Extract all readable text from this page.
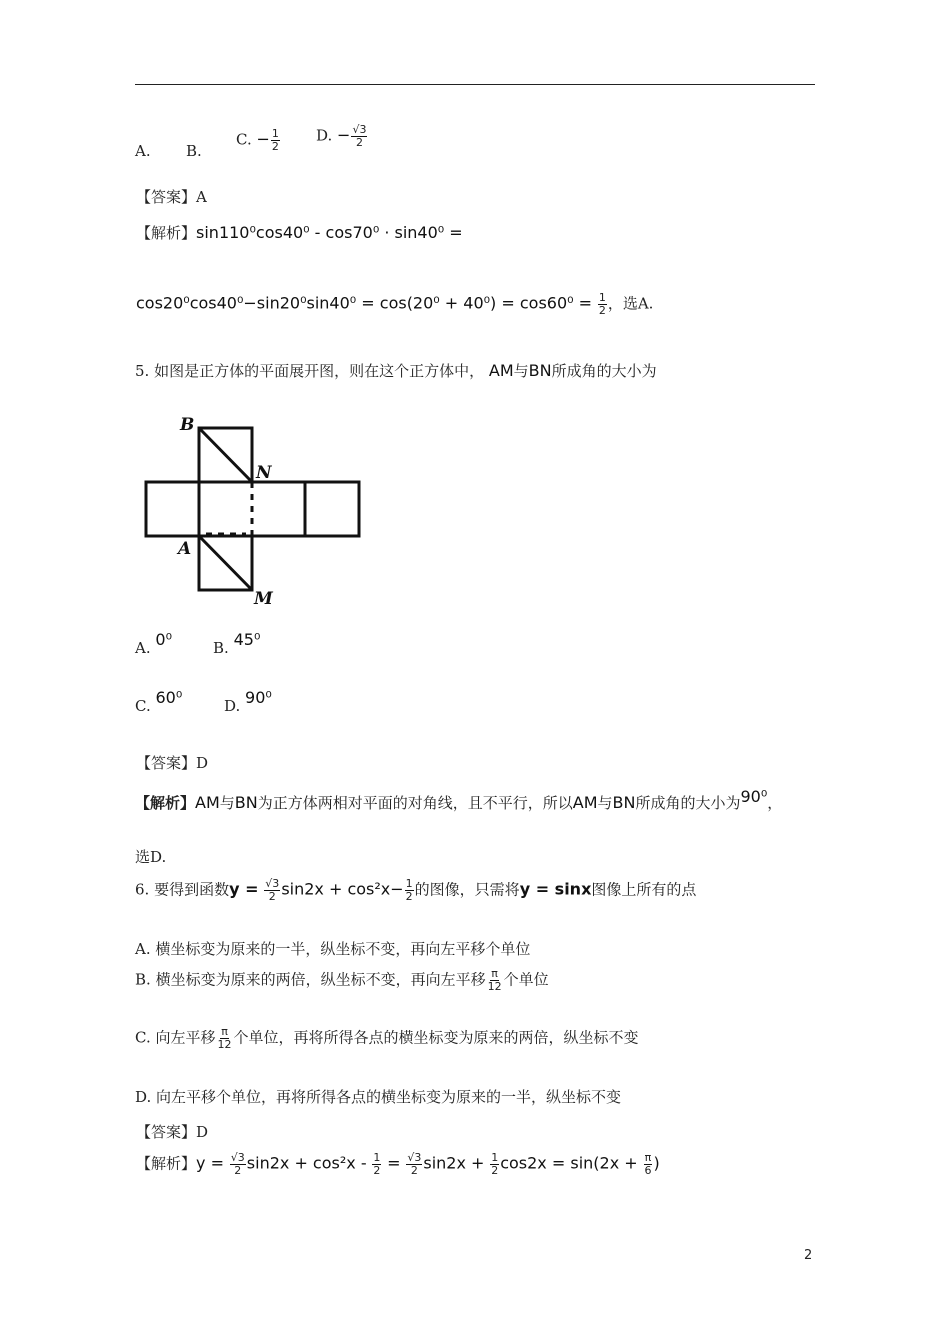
A. B.
C. − $\frac{1}{2} D$. − $\frac{√3}{2}$
【答案】A
【解析】sin110⁰cos40⁰ - cos70⁰ · sin40⁰ =
$\cos 20^0\cos 40^0-\sin 20^0\sin 40^0 = \cos(20^0 + 40^0) = \cos 60^0 = \frac{1}{2}$ ，选A.
5. 如图是正方体的平面展开图，则在这个正方体中， AM与BN所成角的大小为
B
N
A
M
A. 0⁰	B. 45⁰
C. 60⁰	D. 90⁰
【答案】D
【解析】AM与BN为正方体两相对平面的对角线，且不平行，所以AM与BN所成角的大小为90⁰，
选D.
6. 要得到函数$y = \frac{√3}{2} \sin 2x + \cos^2x- \frac{1}{2}$ 的图像，只需将y = sinx图像上所有的点
A. 横坐标变为原来的一半，纵坐标不变，再向左平移个单位
B. 横坐标变为原来的两倍，纵坐标不变，再向左平移 $\frac{\pi}{12}$ 个单位
C. 向左平移 $\frac{\pi}{12}$ 个单位，再将所得各点的横坐标变为原来的两倍，纵坐标不变
D. 向左平移个单位，再将所得各点的横坐标变为原来的一半，纵坐标不变
【答案】D
【解析】$y = \frac{√3}{2} \sin 2x + \cos^2x - \frac{1}{2} = \frac{√3}{2} \sin 2x + \frac{1}{2} \cos 2x = \sin(2x + \frac{\pi}{6}$ )
2
